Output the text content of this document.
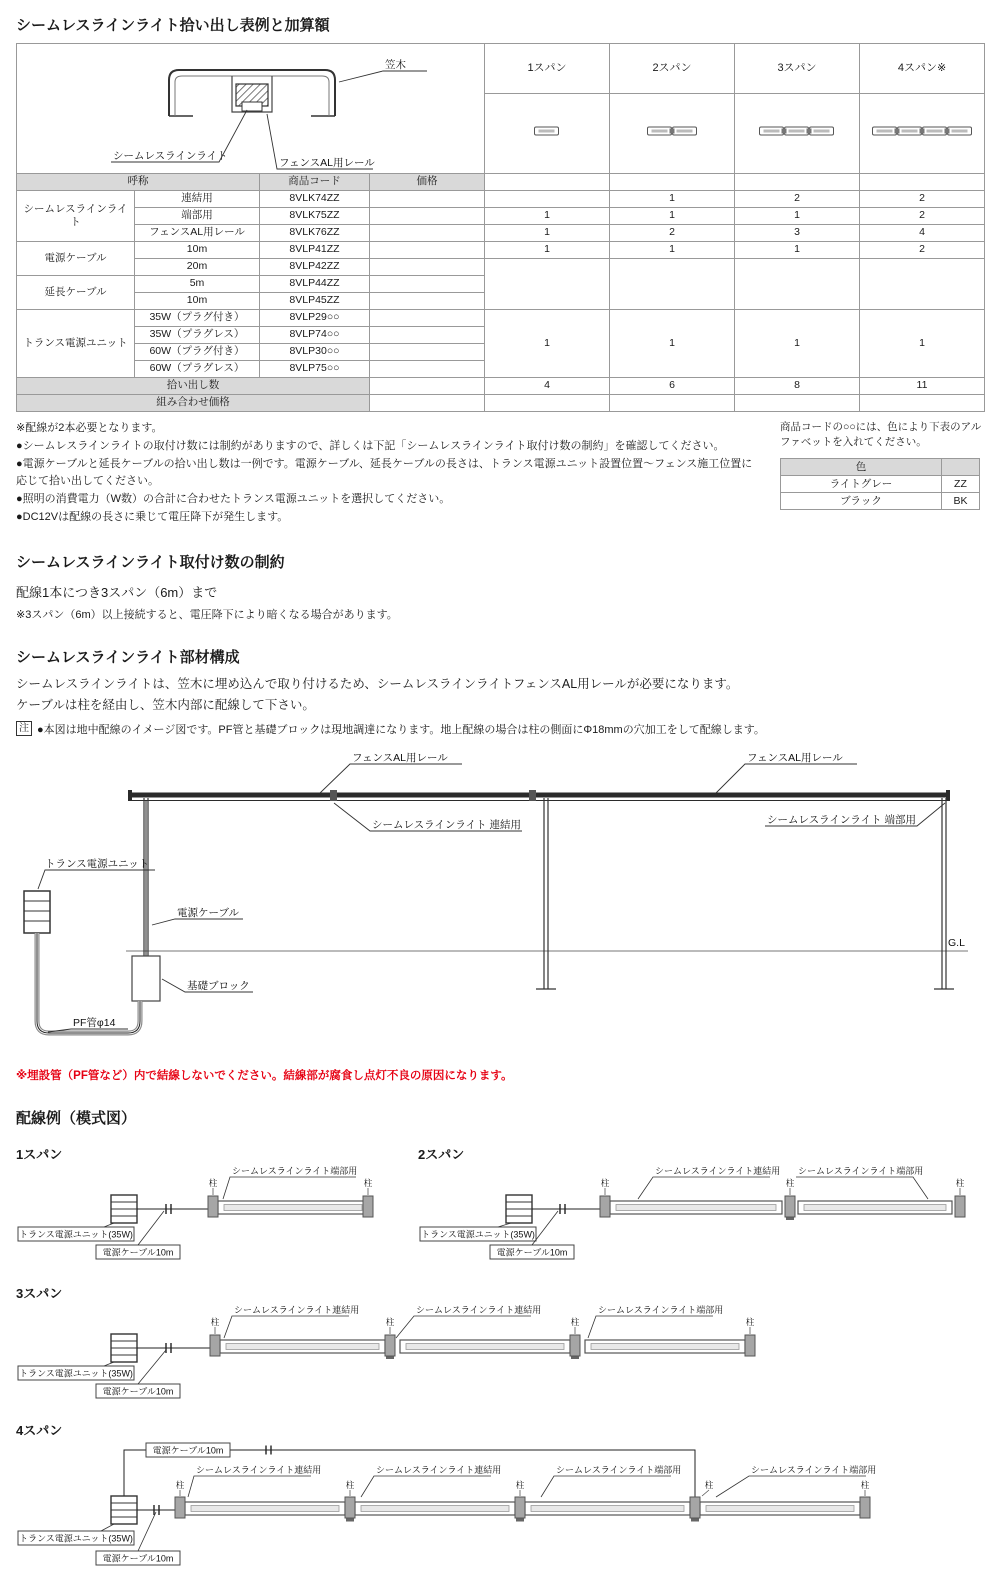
シームレスラインライト拾い出し表例と加算額
笠木
シームレスラインライト
フェンスAL用レール				1スパン	2スパン	3スパン	4スパン※

呼称		商品コード	価格				
シームレスラインライト	連結用	8VLK74ZZ			1	2	2
	端部用	8VLK75ZZ		1	1	1	2
	フェンスAL用レール	8VLK76ZZ		1	2	3	4
電源ケーブル	10m	8VLP41ZZ		1	1	1	2
	20m	8VLP42ZZ					
延長ケーブル	5m	8VLP44ZZ					
	10m	8VLP45ZZ					
トランス電源ユニット	35W（プラグ付き）	8VLP29○○		1	1	1	1
	35W（プラグレス）	8VLP74○○					
	60W（プラグ付き）	8VLP30○○					
	60W（プラグレス）	8VLP75○○					
拾い出し数				4	6	8	11
組み合わせ価格							
※配線が2本必要となります。
●シームレスラインライトの取付け数には制約がありますので、詳しくは下記「シームレスラインライト取付け数の制約」を確認してください。
●電源ケーブルと延長ケーブルの拾い出し数は一例です。電源ケーブル、延長ケーブルの長さは、トランス電源ユニット設置位置～フェンス施工位置に応じて拾い出してください。
●照明の消費電力（W数）の合計に合わせたトランス電源ユニットを選択してください。
●DC12Vは配線の長さに乗じて電圧降下が発生します。
商品コードの○○には、色により下表のアルファベットを入れてください。
色	
ライトグレー	ZZ
ブラック	BK
シームレスラインライト取付け数の制約
配線1本につき3スパン（6m）まで
※3スパン（6m）以上接続すると、電圧降下により暗くなる場合があります。
シームレスラインライト部材構成
シームレスラインライトは、笠木に埋め込んで取り付けるため、シームレスラインライトフェンスAL用レールが必要になります。
ケーブルは柱を経由し、笠木内部に配線して下さい。
注 ●本図は地中配線のイメージ図です。PF管と基礎ブロックは現地調達になります。地上配線の場合は柱の側面にΦ18mmの穴加工をして配線します。
G.L
フェンスAL用レール	フェンスAL用レール
シームレスラインライト 連結用	シームレスラインライト 端部用
トランス電源ユニット
電源ケーブル
基礎ブロック
PF管φ14
※埋設管（PF管など）内で結線しないでください。結線部が腐食し点灯不良の原因になります。
配線例（模式図）
1スパン
シームレスラインライト端部用
柱	柱
トランス電源ユニット(35W)
電源ケーブル10m
2スパン
シームレスラインライト連結用 シームレスラインライト端部用
柱	柱	柱
トランス電源ユニット(35W)
電源ケーブル10m
3スパン
シームレスラインライト連結用	シームレスラインライト連結用	シームレスラインライト端部用
柱	柱	柱	柱
トランス電源ユニット(35W)
電源ケーブル10m
4スパン
電源ケーブル10m
シームレスラインライト連結用	シームレスラインライト連結用	シームレスラインライト端部用	シームレスラインライト端部用
柱	柱	柱	柱	柱
トランス電源ユニット(35W)
電源ケーブル10m
